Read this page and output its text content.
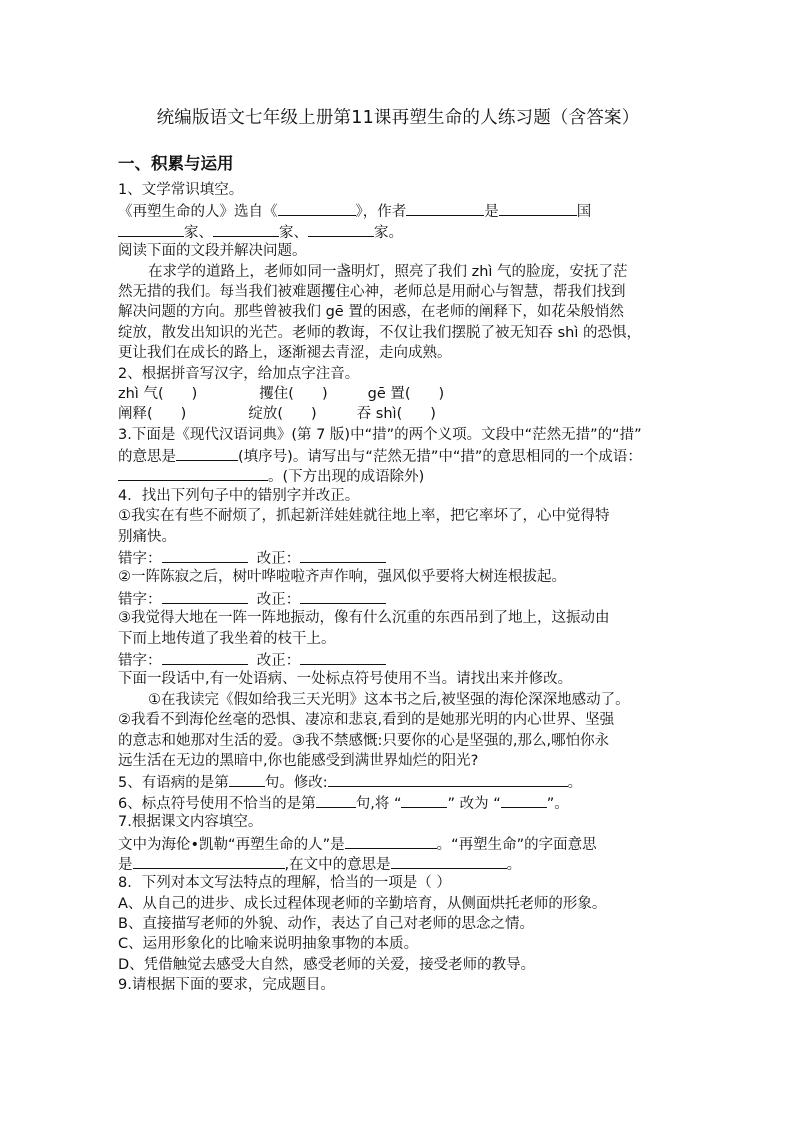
统编版语文七年级上册第11课再塑生命的人练习题（含答案）
一、积累与运用
1、文学常识填空。
《再塑生命的人》选自《	》，作者	是	国
家、	家、	家。
阅读下面的文段并解决问题。
在求学的道路上，老师如同一盏明灯，照亮了我们 zhì 气的脸庞，安抚了茫
然无措的我们。每当我们被难题攫住心神，老师总是用耐心与智慧，帮我们找到
解决问题的方向。那些曾被我们 gē 置的困惑，在老师的阐释下，如花朵般悄然
绽放，散发出知识的光芒。老师的教诲，不仅让我们摆脱了被无知吞 shì 的恐惧，
更让我们在成长的路上，逐渐褪去青涩，走向成熟。
2、根据拼音写汉字，给加点字注音。
zhì 气( )	攫住( )	gē 置( )
阐释( )	绽放( )	吞 shì( )
3.下面是《现代汉语词典》(第 7 版)中“措”的两个义项。文段中“茫然无措”的“措”
的意思是	(填序号)。请写出与“茫然无措”中“措”的意思相同的一个成语：
。(下方出现的成语除外)
4．找出下列句子中的错别字并改正。
①我实在有些不耐烦了，抓起新洋娃娃就往地上率，把它率坏了，心中觉得特
别痛快。
错字：	改正：
②一阵陈寂之后，树叶哗啦啦齐声作响，强风似乎要将大树连根拔起。
错字：	改正：
③我觉得大地在一阵一阵地振动，像有什么沉重的东西吊到了地上，这振动由
下而上地传道了我坐着的枝干上。
错字：	改正：
下面一段话中,有一处语病、一处标点符号使用不当。请找出来并修改。
①在我读完《假如给我三天光明》这本书之后,被坚强的海伦深深地感动了。
②我看不到海伦丝毫的恐惧、凄凉和悲哀,看到的是她那光明的内心世界、坚强
的意志和她那对生活的爱。③我不禁感慨:只要你的心是坚强的,那么,哪怕你永
远生活在无边的黑暗中,你也能感受到满世界灿烂的阳光?
5、有语病的是第 句。修改:	。
6、标点符号使用不恰当的是第	句,将 “	” 改为 “	”。
7.根据课文内容填空。
文中为海伦•凯勒“再塑生命的人”是	。“再塑生命”的字面意思
是	,在文中的意思是	。
8．下列对本文写法特点的理解，恰当的一项是（ ）
A、从自己的进步、成长过程体现老师的辛勤培育，从侧面烘托老师的形象。
B、直接描写老师的外貌、动作，表达了自己对老师的思念之情。
C、运用形象化的比喻来说明抽象事物的本质。
D、凭借触觉去感受大自然，感受老师的关爱，接受老师的教导。
9.请根据下面的要求，完成题目。
